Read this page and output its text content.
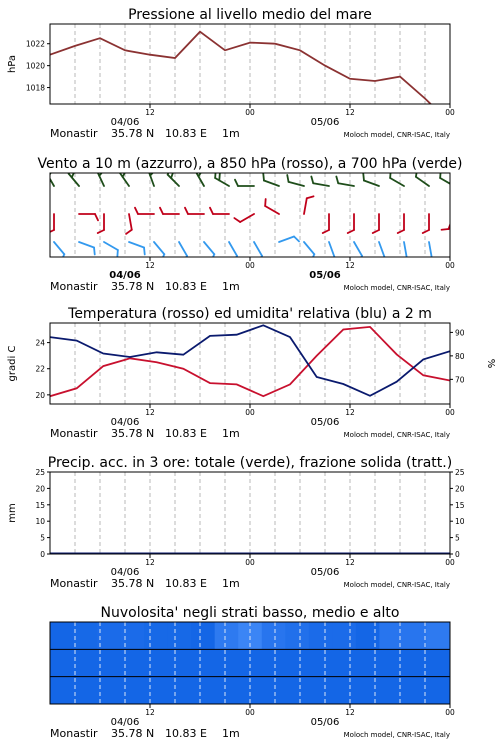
Pressione al livello medio del mare
12	00	12	00
04/06	05/06
Monastir 35.78 N 10.83 E 1m	Moloch model, CNR-ISAC, Italy
1018
1020
1022
hPa
Vento a 10 m (azzurro), a 850 hPa (rosso), a 700 hPa (verde)
12	00	12	00
04/06	05/06
Monastir 35.78 N 10.83 E 1m	Moloch model, CNR-ISAC, Italy
Temperatura (rosso) ed umidita' relativa (blu) a 2 m
12	00	12	00
04/06	05/06
Monastir 35.78 N 10.83 E 1m	Moloch model, CNR-ISAC, Italy
20
22
24
70
80
90
gradi C	%
Precip. acc. in 3 ore: totale (verde), frazione solida (tratt.)
12	00	12	00
04/06	05/06
Monastir 35.78 N 10.83 E 1m	Moloch model, CNR-ISAC, Italy
0
5
10
15
20
25
0
5
10
15
20
25
mm
Nuvolosita' negli strati basso, medio e alto
12	00	12	00
04/06	05/06
Monastir 35.78 N 10.83 E 1m	Moloch model, CNR-ISAC, Italy
